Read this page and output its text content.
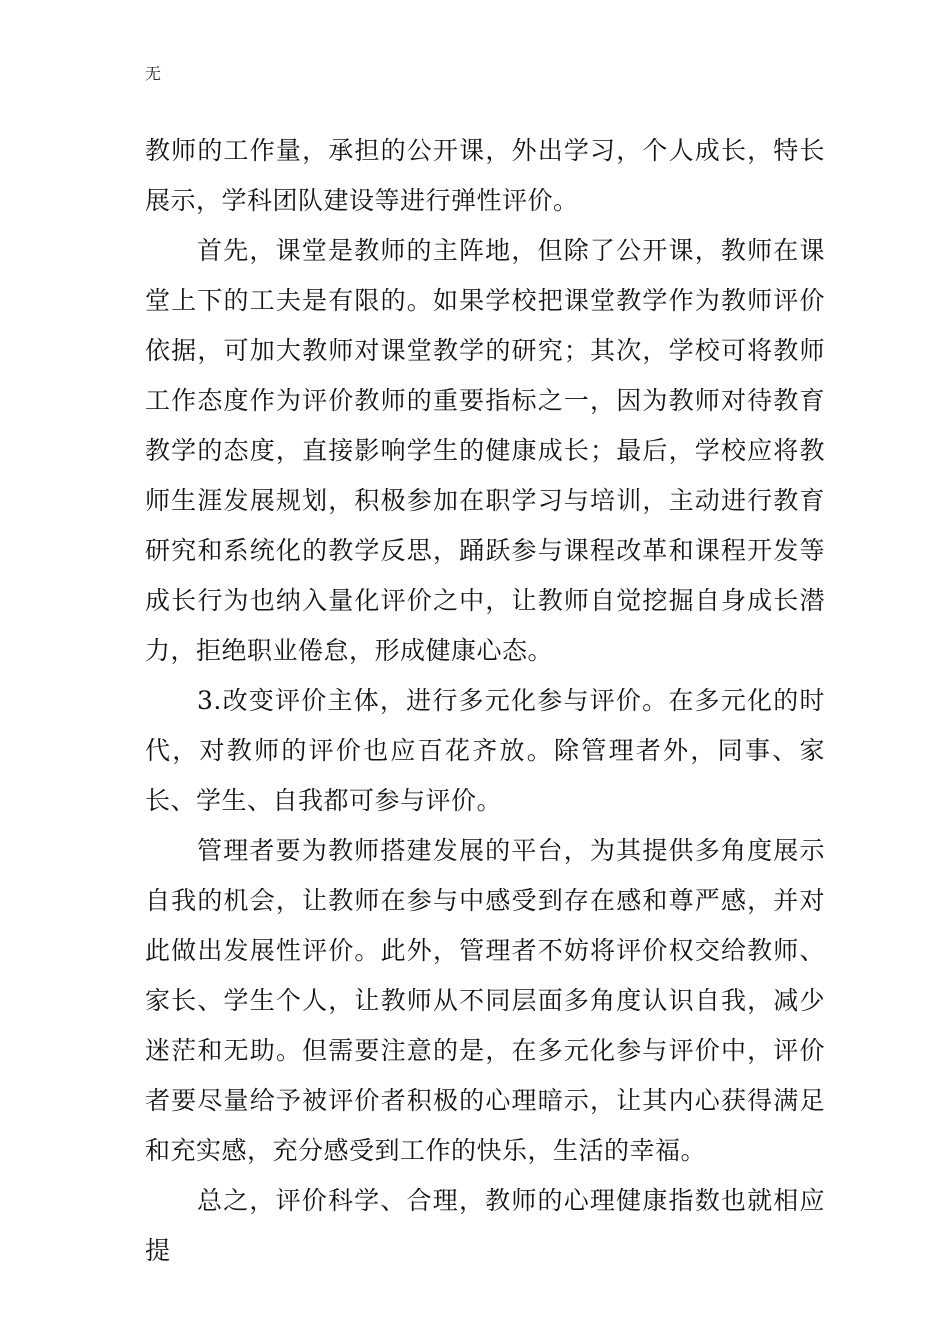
无

教师的工作量，承担的公开课，外出学习，个人成长，特长展示，学科团队建设等进行弹性评价。

首先，课堂是教师的主阵地，但除了公开课，教师在课堂上下的工夫是有限的。如果学校把课堂教学作为教师评价依据，可加大教师对课堂教学的研究；其次，学校可将教师工作态度作为评价教师的重要指标之一，因为教师对待教育教学的态度，直接影响学生的健康成长；最后，学校应将教师生涯发展规划，积极参加在职学习与培训，主动进行教育研究和系统化的教学反思，踊跃参与课程改革和课程开发等成长行为也纳入量化评价之中，让教师自觉挖掘自身成长潜力，拒绝职业倦怠，形成健康心态。

3.改变评价主体，进行多元化参与评价。在多元化的时代，对教师的评价也应百花齐放。除管理者外，同事、家长、学生、自我都可参与评价。

管理者要为教师搭建发展的平台，为其提供多角度展示自我的机会，让教师在参与中感受到存在感和尊严感，并对此做出发展性评价。此外，管理者不妨将评价权交给教师、家长、学生个人，让教师从不同层面多角度认识自我，减少迷茫和无助。但需要注意的是，在多元化参与评价中，评价者要尽量给予被评价者积极的心理暗示，让其内心获得满足和充实感，充分感受到工作的快乐，生活的幸福。

总之，评价科学、合理，教师的心理健康指数也就相应提
